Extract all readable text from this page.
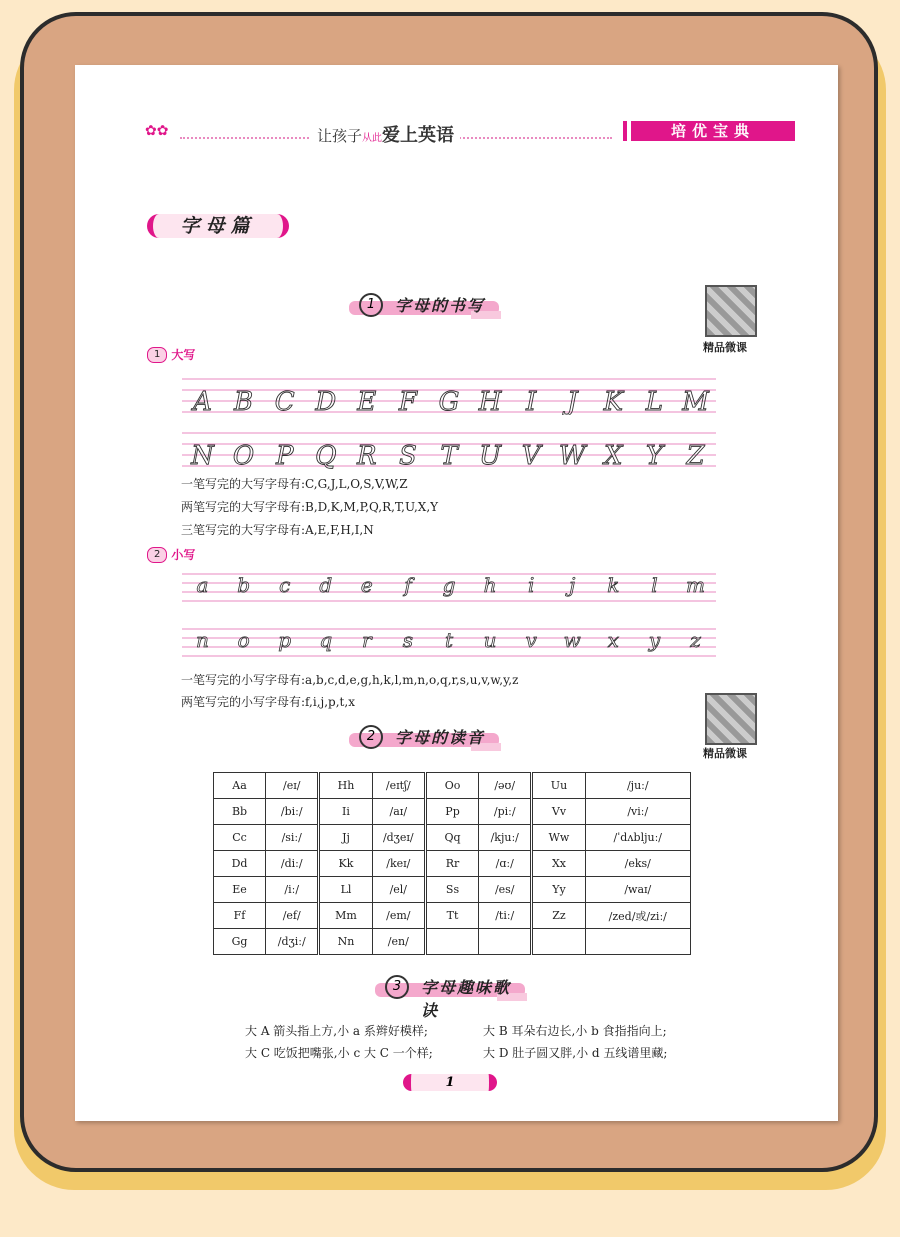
✿✿	让孩子从此爱上英语	培优宝典
字母篇
1	字母的书写
精品微课
1 大写
A B C D E F G H I J K L M
N O P Q R S T U V W X Y Z
一笔写完的大写字母有:C,G,J,L,O,S,V,W,Z
两笔写完的大写字母有:B,D,K,M,P,Q,R,T,U,X,Y
三笔写完的大写字母有:A,E,F,H,I,N
2 小写
a b c d e f g h i j k l m
n o p q r s t u v w x y z
一笔写完的小写字母有:a,b,c,d,e,g,h,k,l,m,n,o,q,r,s,u,v,w,y,z
两笔写完的小写字母有:f,i,j,p,t,x
精品微课
2	字母的读音
Aa	/eɪ/	Hh	/eɪtʃ/	Oo	/əʊ/	Uu	/juː/
Bb	/biː/	Ii	/aɪ/	Pp	/piː/	Vv	/viː/
Cc	/siː/	Jj	/dʒeɪ/	Qq	/kjuː/	Ww	/ˈdʌbljuː/
Dd	/diː/	Kk	/keɪ/	Rr	/ɑː/	Xx	/eks/
Ee	/iː/	Ll	/el/	Ss	/es/	Yy	/waɪ/
Ff	/ef/	Mm	/em/	Tt	/tiː/	Zz	/zed/或/ziː/
Gg	/dʒiː/	Nn	/en/				
3	字母趣味歌诀
大 A 箭头指上方,小 a 系辫好模样;	大 B 耳朵右边长,小 b 食指指向上;
大 C 吃饭把嘴张,小 c 大 C 一个样;	大 D 肚子圆又胖,小 d 五线谱里藏;
1
